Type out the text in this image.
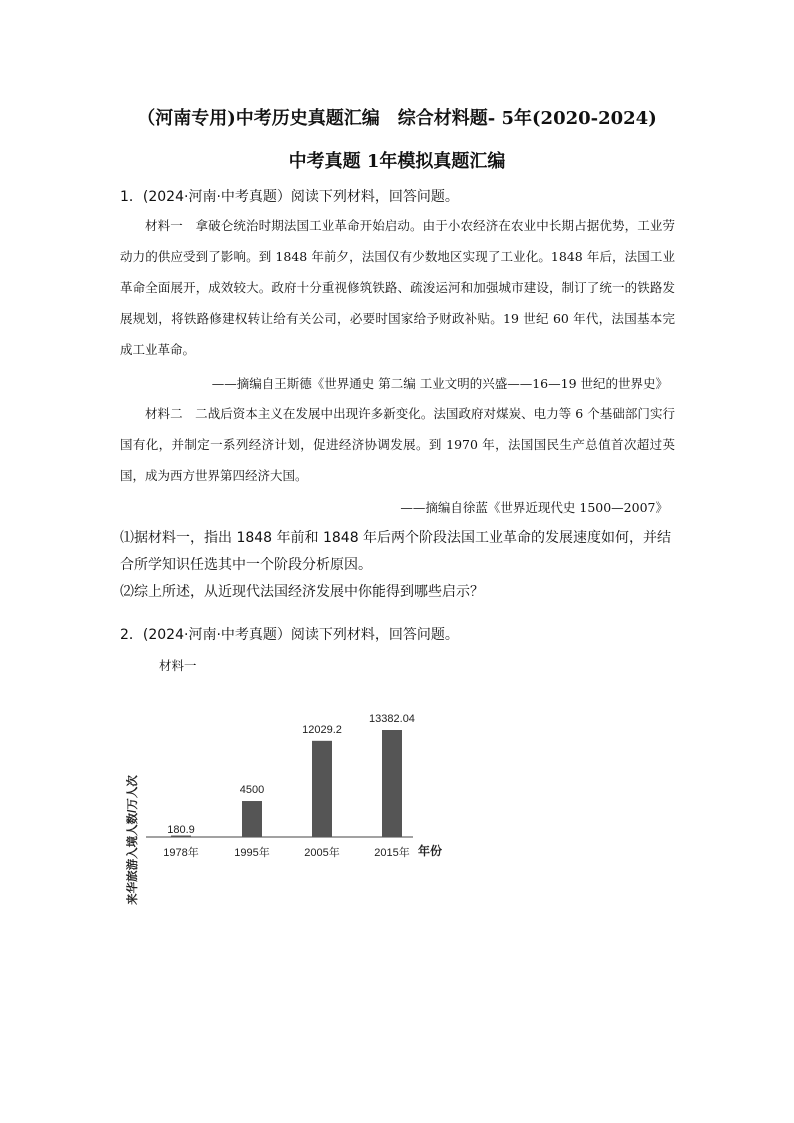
（河南专用)中考历史真题汇编　综合材料题- 5年(2020-2024)
中考真题 1年模拟真题汇编
1．(2024·河南·中考真题）阅读下列材料，回答问题。

材料一　拿破仑统治时期法国工业革命开始启动。由于小农经济在农业中长期占据优势，工业劳动力的供应受到了影响。到 1848 年前夕，法国仅有少数地区实现了工业化。1848 年后，法国工业革命全面展开，成效较大。政府十分重视修筑铁路、疏浚运河和加强城市建设，制订了统一的铁路发展规划，将铁路修建权转让给有关公司，必要时国家给予财政补贴。19 世纪 60 年代，法国基本完成工业革命。

——摘编自王斯德《世界通史 第二编 工业文明的兴盛——16—19 世纪的世界史》

材料二　二战后资本主义在发展中出现许多新变化。法国政府对煤炭、电力等 6 个基础部门实行国有化，并制定一系列经济计划，促进经济协调发展。到 1970 年，法国国民生产总值首次超过英国，成为西方世界第四经济大国。

——摘编自徐蓝《世界近现代史 1500—2007》

⑴据材料一，指出 1848 年前和 1848 年后两个阶段法国工业革命的发展速度如何，并结合所学知识任选其中一个阶段分析原因。

⑵综上所述，从近现代法国经济发展中你能得到哪些启示？

2．(2024·河南·中考真题）阅读下列材料，回答问题。
材料一
来华旅游入境人数/万人次	180.9
1978年
4500
1995年
12029.2
2005年
13382.04
2015年 年份
